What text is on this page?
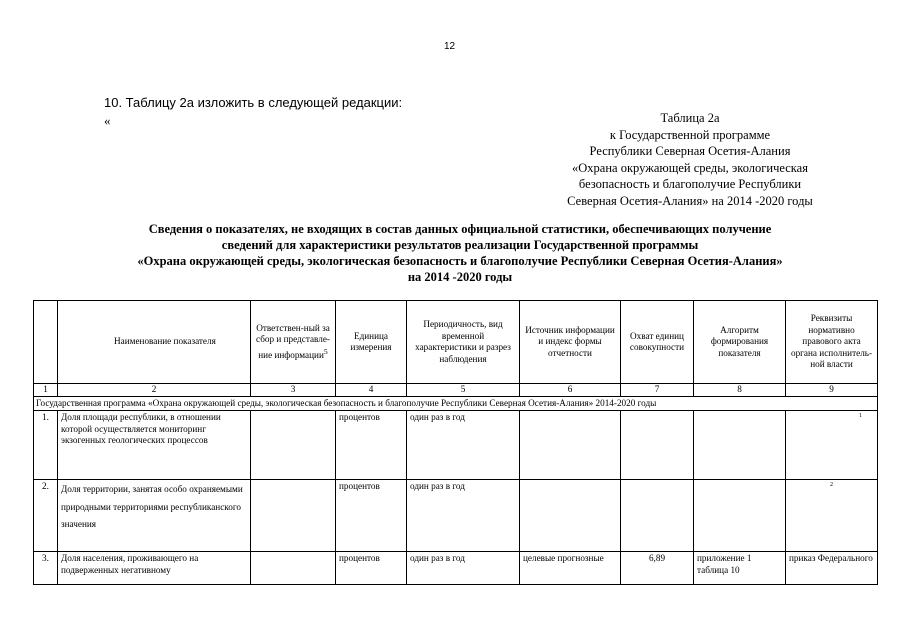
12
10. Таблицу 2а изложить в следующей редакции:
«	Таблица 2а
к Государственной программе
Республики Северная Осетия-Алания
«Охрана окружающей среды, экологическая
безопасность и благополучие Республики
Северная Осетия-Алания» на 2014 -2020 годы
Сведения о показателях, не входящих в состав данных официальной статистики, обеспечивающих получение
сведений для характеристики результатов реализации Государственной программы
«Охрана окружающей среды, экологическая безопасность и благополучие Республики Северная Осетия-Алания»
на 2014 -2020 годы
	Наименование показателя	Ответствен-ный за сбор и представле-ние информации$^5$	Единица измерения	Периодичность, вид временной характеристики и разрез наблюдения	Источник информации и индекс формы отчетности	Охват единиц совокупности	Алгоритм формирования показателя	Реквизиты нормативно правового акта органа исполнитель-ной власти
1	2	3	4	5	6	7	8	9
Государственная программа «Охрана окружающей среды, экологическая безопасность и благополучие Республики Северная Осетия-Алания» 2014-2020 годы								
1.	Доля площади республики, в отношении которой осуществляется мониторинг экзогенных геологических процессов		процентов	один раз в год				1

2.	Доля территории, занятая особо охраняемыми природными территориями республиканского значения		процентов	один раз в год				2

3.	Доля населения, проживающего на подверженных негативному		процентов	один раз в год	целевые прогнозные	6,89	приложение 1 таблица 10	приказ Федерального
